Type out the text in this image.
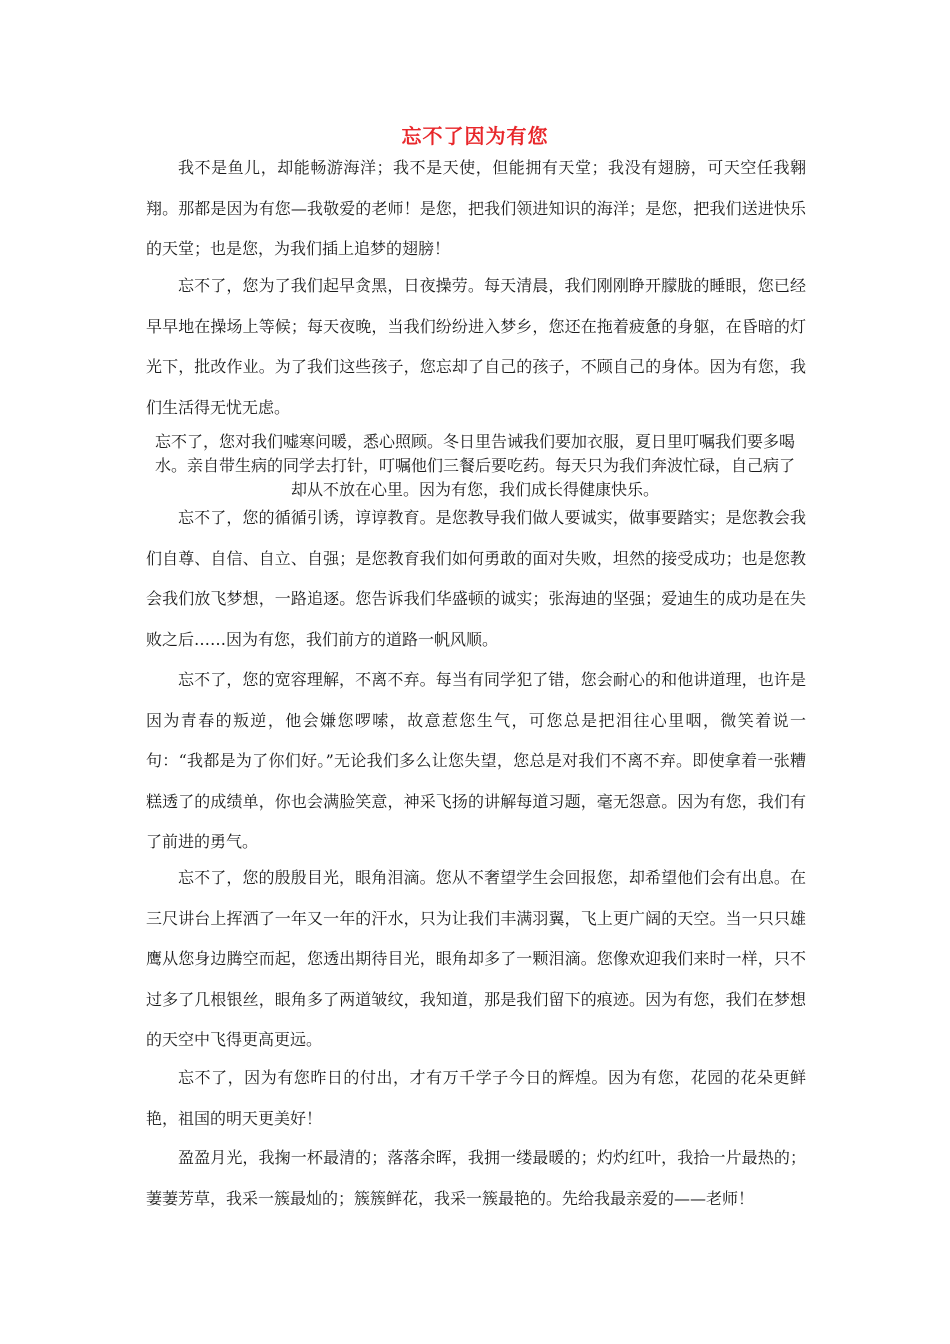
忘不了因为有您

我不是鱼儿，却能畅游海洋；我不是天使，但能拥有天堂；我没有翅膀，可天空任我翱翔。那都是因为有您—我敬爱的老师！是您，把我们领进知识的海洋；是您，把我们送进快乐的天堂；也是您，为我们插上追梦的翅膀！

忘不了，您为了我们起早贪黑，日夜操劳。每天清晨，我们刚刚睁开朦胧的睡眼，您已经早早地在操场上等候；每天夜晚，当我们纷纷进入梦乡，您还在拖着疲惫的身躯，在昏暗的灯光下，批改作业。为了我们这些孩子，您忘却了自己的孩子，不顾自己的身体。因为有您，我们生活得无忧无虑。

忘不了，您对我们嘘寒问暖，悉心照顾。冬日里告诫我们要加衣服，夏日里叮嘱我们要多喝水。亲自带生病的同学去打针，叮嘱他们三餐后要吃药。每天只为我们奔波忙碌，自己病了却从不放在心里。因为有您，我们成长得健康快乐。

忘不了，您的循循引诱，谆谆教育。是您教导我们做人要诚实，做事要踏实；是您教会我们自尊、自信、自立、自强；是您教育我们如何勇敢的面对失败，坦然的接受成功；也是您教会我们放飞梦想，一路追逐。您告诉我们华盛顿的诚实；张海迪的坚强；爱迪生的成功是在失败之后……因为有您，我们前方的道路一帆风顺。

忘不了，您的宽容理解，不离不弃。每当有同学犯了错，您会耐心的和他讲道理，也许是因为青春的叛逆，他会嫌您啰嗦，故意惹您生气，可您总是把泪往心里咽，微笑着说一句：“我都是为了你们好。”无论我们多么让您失望，您总是对我们不离不弃。即使拿着一张糟糕透了的成绩单，你也会满脸笑意，神采飞扬的讲解每道习题，毫无怨意。因为有您，我们有了前进的勇气。

忘不了，您的殷殷目光，眼角泪滴。您从不奢望学生会回报您，却希望他们会有出息。在三尺讲台上挥洒了一年又一年的汗水，只为让我们丰满羽翼，飞上更广阔的天空。当一只只雄鹰从您身边腾空而起，您透出期待目光，眼角却多了一颗泪滴。您像欢迎我们来时一样，只不过多了几根银丝，眼角多了两道皱纹，我知道，那是我们留下的痕迹。因为有您，我们在梦想的天空中飞得更高更远。

忘不了，因为有您昨日的付出，才有万千学子今日的辉煌。因为有您，花园的花朵更鲜艳，祖国的明天更美好！

盈盈月光，我掬一杯最清的；落落余晖，我拥一缕最暖的；灼灼红叶，我拾一片最热的；萋萋芳草，我采一簇最灿的；簇簇鲜花，我采一簇最艳的。先给我最亲爱的——老师！
